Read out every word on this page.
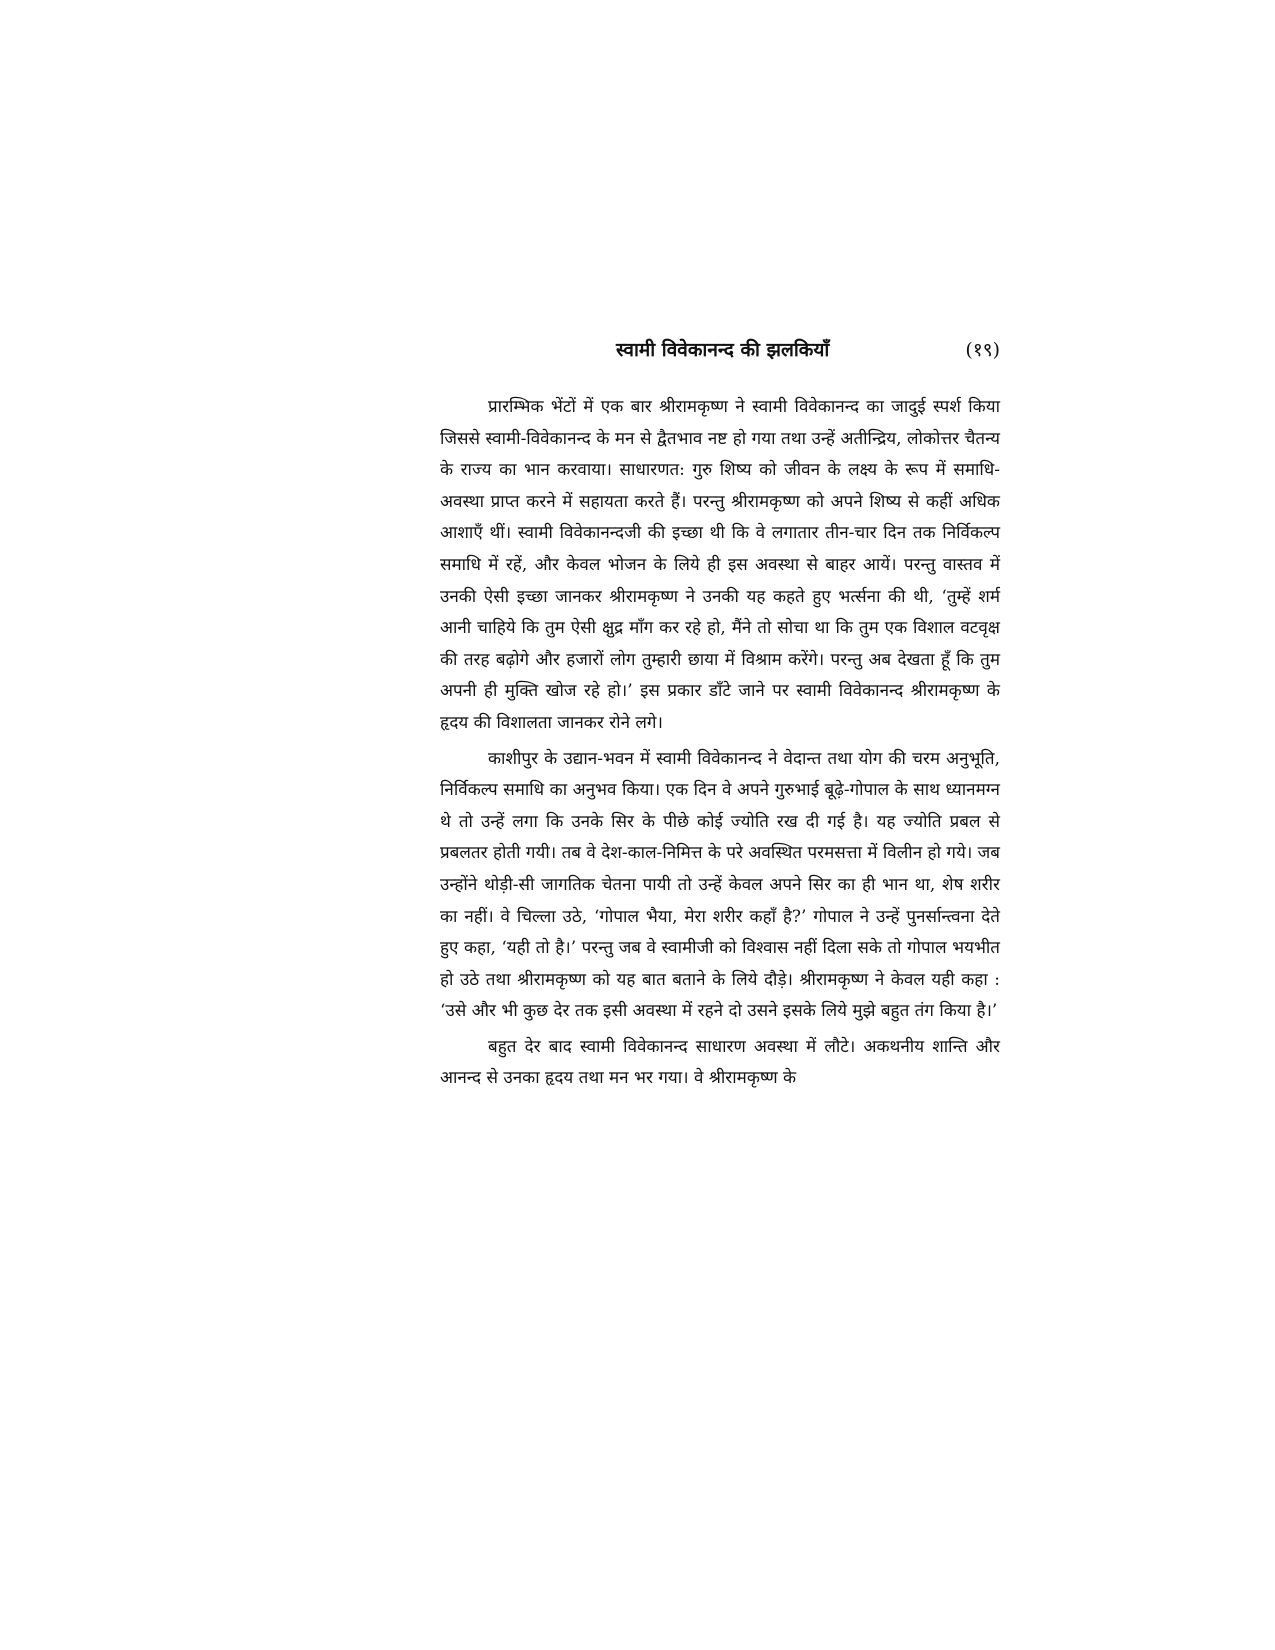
स्वामी विवेकानन्द की झलकियाँ	(१९)

प्रारम्भिक भेंटों में एक बार श्रीरामकृष्ण ने स्वामी विवेकानन्द का जादुई स्पर्श किया जिससे स्वामी-विवेकानन्द के मन से द्वैतभाव नष्ट हो गया तथा उन्हें अतीन्द्रिय, लोकोत्तर चैतन्य के राज्य का भान करवाया। साधारणत: गुरु शिष्य को जीवन के लक्ष्य के रूप में समाधि-अवस्था प्राप्त करने में सहायता करते हैं। परन्तु श्रीरामकृष्ण को अपने शिष्य से कहीं अधिक आशाएँ थीं। स्वामी विवेकानन्दजी की इच्छा थी कि वे लगातार तीन-चार दिन तक निर्विकल्प समाधि में रहें, और केवल भोजन के लिये ही इस अवस्था से बाहर आयें। परन्तु वास्तव में उनकी ऐसी इच्छा जानकर श्रीरामकृष्ण ने उनकी यह कहते हुए भर्त्सना की थी, ‘तुम्हें शर्म आनी चाहिये कि तुम ऐसी क्षुद्र माँग कर रहे हो, मैंने तो सोचा था कि तुम एक विशाल वटवृक्ष की तरह बढ़ोगे और हजारों लोग तुम्हारी छाया में विश्राम करेंगे। परन्तु अब देखता हूँ कि तुम अपनी ही मुक्ति खोज रहे हो।’ इस प्रकार डाँटे जाने पर स्वामी विवेकानन्द श्रीरामकृष्ण के हृदय की विशालता जानकर रोने लगे।

काशीपुर के उद्यान-भवन में स्वामी विवेकानन्द ने वेदान्त तथा योग की चरम अनुभूति, निर्विकल्प समाधि का अनुभव किया। एक दिन वे अपने गुरुभाई बूढ़े-गोपाल के साथ ध्यानमग्न थे तो उन्हें लगा कि उनके सिर के पीछे कोई ज्योति रख दी गई है। यह ज्योति प्रबल से प्रबलतर होती गयी। तब वे देश-काल-निमित्त के परे अवस्थित परमसत्ता में विलीन हो गये। जब उन्होंने थोड़ी-सी जागतिक चेतना पायी तो उन्हें केवल अपने सिर का ही भान था, शेष शरीर का नहीं। वे चिल्ला उठे, ‘गोपाल भैया, मेरा शरीर कहाँ है?’ गोपाल ने उन्हें पुनर्सान्त्वना देते हुए कहा, ‘यही तो है।’ परन्तु जब वे स्वामीजी को विश्वास नहीं दिला सके तो गोपाल भयभीत हो उठे तथा श्रीरामकृष्ण को यह बात बताने के लिये दौड़े। श्रीरामकृष्ण ने केवल यही कहा : ‘उसे और भी कुछ देर तक इसी अवस्था में रहने दो उसने इसके लिये मुझे बहुत तंग किया है।’

बहुत देर बाद स्वामी विवेकानन्द साधारण अवस्था में लौटे। अकथनीय शान्ति और आनन्द से उनका हृदय तथा मन भर गया। वे श्रीरामकृष्ण के
